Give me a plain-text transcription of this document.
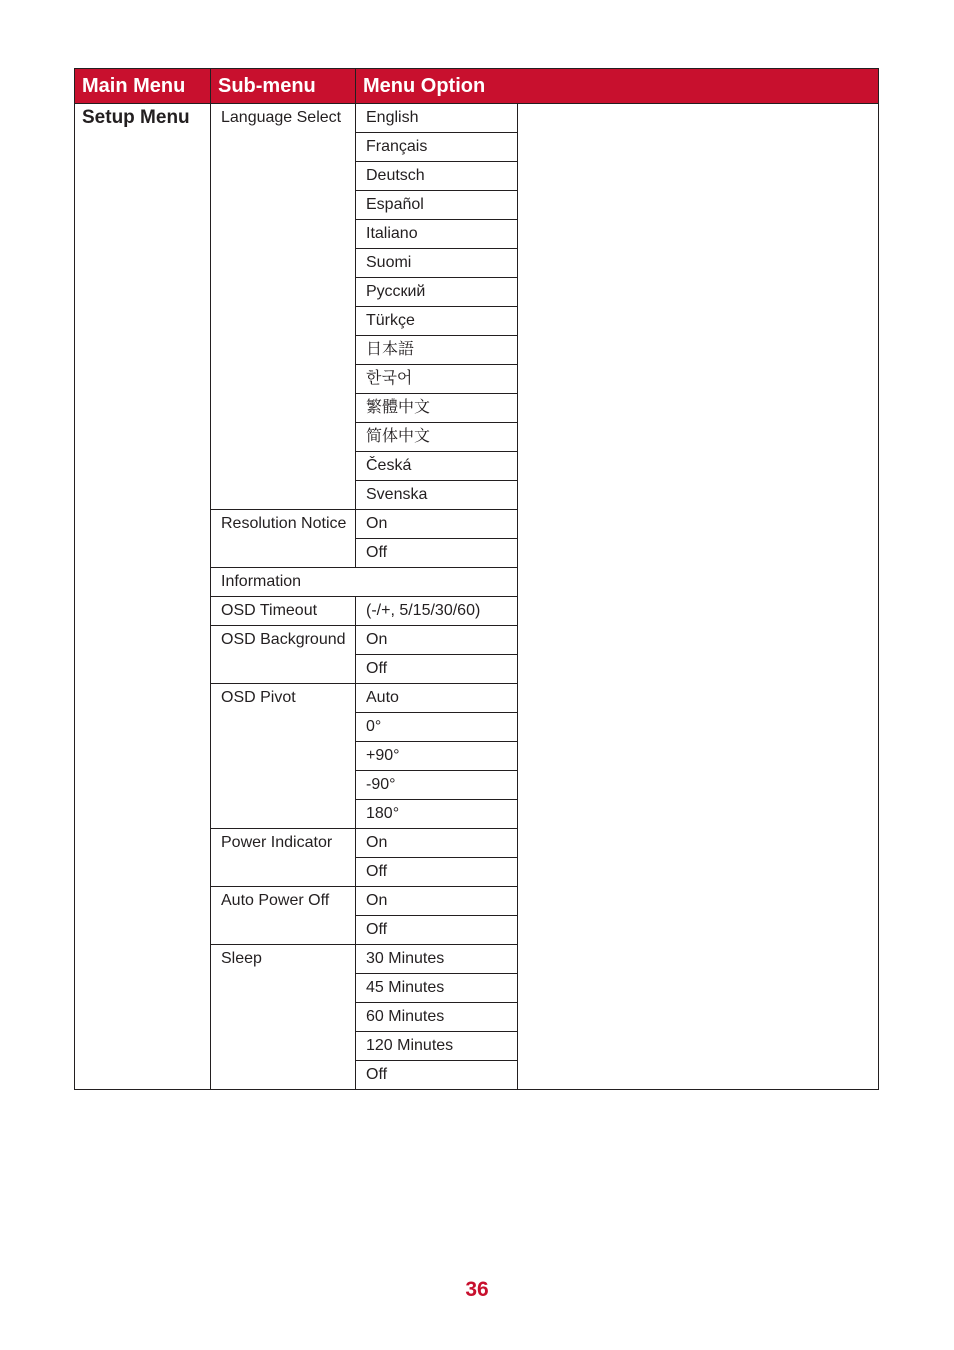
Main Menu	Sub-menu	Menu Option	
Setup Menu	Language Select	English	
		Français	
		Deutsch	
		Español	
		Italiano	
		Suomi	
		Русский	
		Türkçe	
		日本語	
		한국어	
		繁體中文	
		简体中文	
		Česká	
		Svenska	
	Resolution Notice	On	
		Off	
	Information		
	OSD Timeout	(-/+, 5/15/30/60)	
	OSD Background	On	
		Off	
	OSD Pivot	Auto	
		0°	
		+90°	
		-90°	
		180°	
	Power Indicator	On	
		Off	
	Auto Power Off	On	
		Off	
	Sleep	30 Minutes	
		45 Minutes	
		60 Minutes	
		120 Minutes	
		Off	
36
